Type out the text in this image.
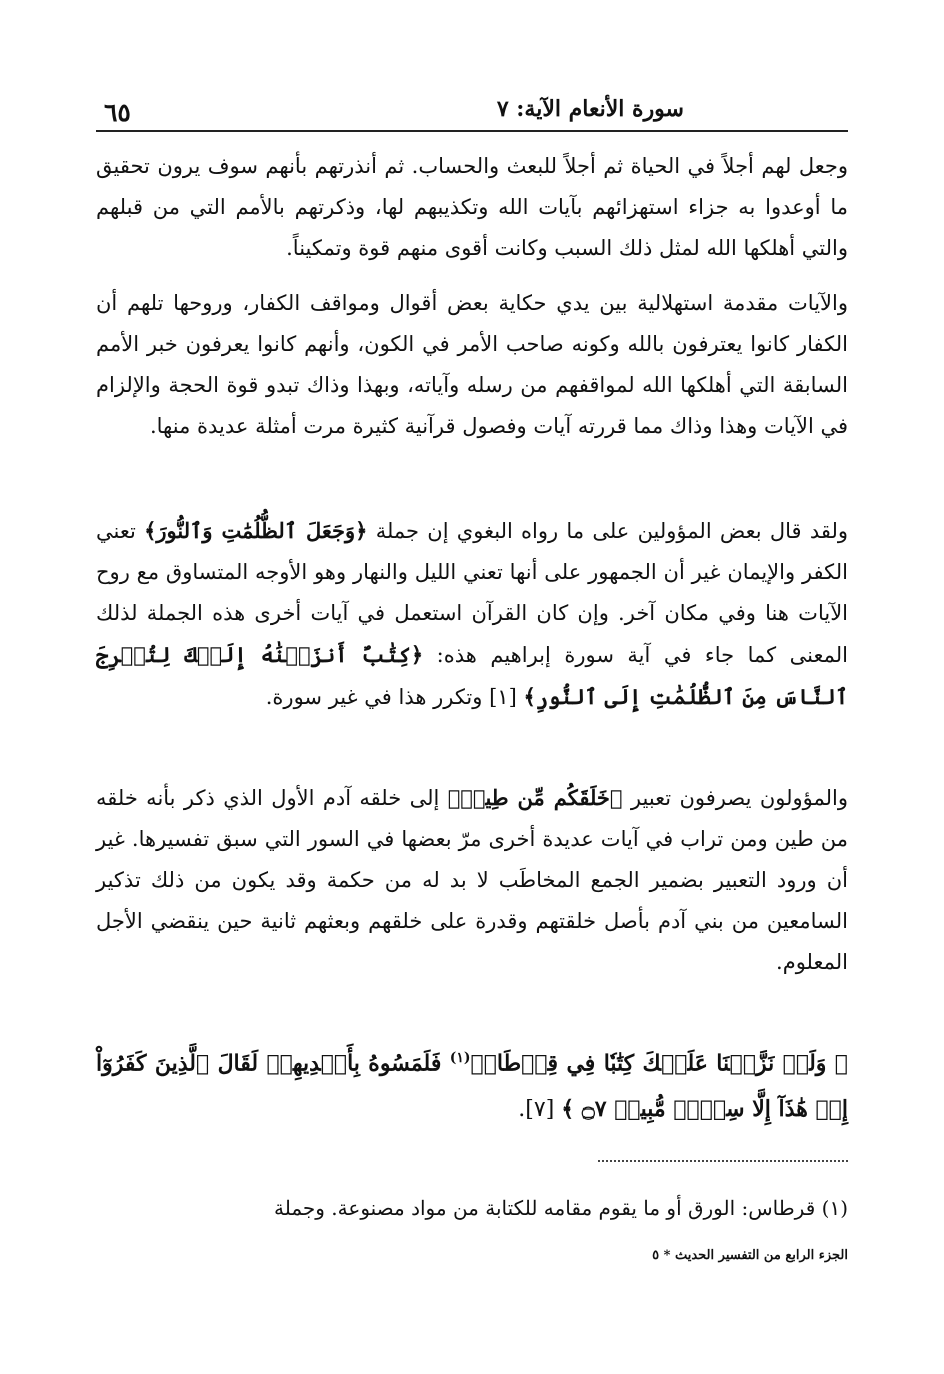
٦٥	سورة الأنعام الآية: ٧

وجعل لهم أجلاً في الحياة ثم أجلاً للبعث والحساب. ثم أنذرتهم بأنهم سوف يرون تحقيق ما أوعدوا به جزاء استهزائهم بآيات الله وتكذيبهم لها، وذكرتهم بالأمم التي من قبلهم والتي أهلكها الله لمثل ذلك السبب وكانت أقوى منهم قوة وتمكيناً.

والآيات مقدمة استهلالية بين يدي حكاية بعض أقوال ومواقف الكفار، وروحها تلهم أن الكفار كانوا يعترفون بالله وكونه صاحب الأمر في الكون، وأنهم كانوا يعرفون خبر الأمم السابقة التي أهلكها الله لمواقفهم من رسله وآياته، وبهذا وذاك تبدو قوة الحجة والإلزام في الآيات وهذا وذاك مما قررته آيات وفصول قرآنية كثيرة مرت أمثلة عديدة منها.

ولقد قال بعض المؤولين على ما رواه البغوي إن جملة ﴿وَجَعَلَ ٱلظُّلُمَٰتِ وَٱلنُّورَ﴾ تعني الكفر والإيمان غير أن الجمهور على أنها تعني الليل والنهار وهو الأوجه المتساوق مع روح الآيات هنا وفي مكان آخر. وإن كان القرآن استعمل في آيات أخرى هذه الجملة لذلك المعنى كما جاء في آية سورة إبراهيم هذه: ﴿كِتَٰبٌ أَنزَلۡنَٰهُ إِلَيۡكَ لِتُخۡرِجَ ٱلنَّاسَ مِنَ ٱلظُّلُمَٰتِ إِلَى ٱلنُّورِ﴾ [١] وتكرر هذا في غير سورة.

والمؤولون يصرفون تعبير ﴿خَلَقَكُم مِّن طِينٖ﴾ إلى خلقه آدم الأول الذي ذكر بأنه خلقه من طين ومن تراب في آيات عديدة أخرى مرّ بعضها في السور التي سبق تفسيرها. غير أن ورود التعبير بضمير الجمع المخاطَب لا بد له من حكمة وقد يكون من ذلك تذكير السامعين من بني آدم بأصل خلقتهم وقدرة على خلقهم وبعثهم ثانية حين ينقضي الأجل المعلوم.

﴿ وَلَوۡ نَزَّلۡنَا عَلَيۡكَ كِتَٰبٗا فِي قِرۡطَاسٖ$^{(١)}$ فَلَمَسُوهُ بِأَيۡدِيهِمۡ لَقَالَ ٱلَّذِينَ كَفَرُوٓاْ إِنۡ هَٰذَآ إِلَّا سِحۡرٞ مُّبِينٞ ۝٧ ﴾ [٧].

(١) قرطاس: الورق أو ما يقوم مقامه للكتابة من مواد مصنوعة. وجملة

الجزء الرابع من التفسير الحديث * ٥
